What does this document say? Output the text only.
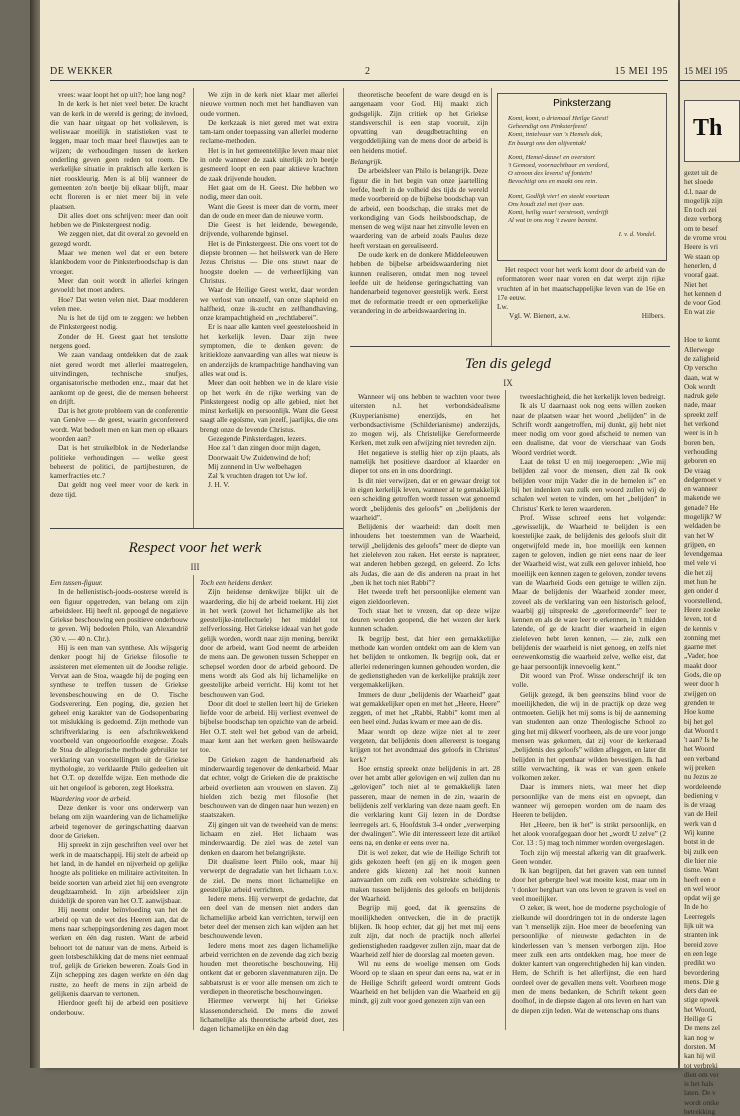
DE WEKKER	2	15 MEI 195

vrees: waar loopt het op uit?; hoe lang nog?

In de kerk is het niet veel beter. De kracht van de kerk in de wereld is gering; de invloed, die van haar uitgaat op het volksleven, is weliswaar moeilijk in statistieken vast te leggen, maar toch maar heel flauwtjes aan te wijzen; de verhoudingen tussen de kerken onderling geven geen reden tot roem. De werkelijke situatie in praktisch alle kerken is niet rooskleurig. Men is al blij wanneer de gemeenten zo'n beetje bij elkaar blijft, maar echt floreren is er niet meer bij in vele plaatsen.

Dit alles doet ons schrijven: meer dan ooit hebben we de Pinkstergeest nodig.

We zeggen niet, dat dit overal zo gevoeld en gezegd wordt.

Maar we menen wel dat er een betere klankbodem voor de Pinksterboodschap is dan vroeger.

Meer dan ooit wordt in allerlei kringen gevoeld: het moet anders.

Hoe? Dat weten velen niet. Daar modderen velen mee.

Nu is het de tijd om te zeggen: we hebben de Pinkstergeest nodig.

Zonder de H. Geest gaat het tenslotte nergens goed.

We zaan vandaag ontdekken dat de zaak niet gered wordt met allerlei maatregelen, uitvindingen, technische snufjes, organisatorische methoden enz., maar dat het aankomt op de geest, die de mensen beheerst en drijft.

Dat is het grote probleem van de conferentie van Genève — de geest, waarin geconfereerd wordt. Wat bedoelt men en kan men op elkaars woorden aan?

Dat is het struikelblok in de Nederlandse politieke verhoudingen — welke geest beheerst de politici, de partijbesturen, de kamerfracties etc.?

Dat geldt nog veel meer voor de kerk in deze tijd.

We zijn in de kerk niet klaar met allerlei nieuwe vormen noch met het handhaven van oude vormen.

De kerkzaak is niet gered met wat extra tam-tam onder toepassing van allerlei moderne reclame-methoden.

Het is in het gemeenteliljke leven maar niet in orde wanneer de zaak uiterlijk zo'n beetje gesmeerd loopt en een paar aktieve krachten de zaak drijvende houden.

Het gaat om de H. Geest. Die hebben we nodig, meer dan ooit.

Want die Geest is meer dan de vorm, meer dan de oude en meer dan de nieuwe vorm.

Die Geest is het leidende, bewegende, drijvende, volharende bginsel.

Het is de Pinkstergeest. Die ons voert tot de diepste bronnen — het heilswerk van de Here Jezus Christus — Die ons stuwt naar de hoogste doelen — de verheerlijking van Christus.

Waar de Heilige Geest werkt, daar worden we verlost van onszelf, van onze slapheid en halfheid, onze ik-zucht en zelfhandhaving, onze krampachtigheid en „rechtlaberei”.

Er is naar alle kanten veel geesteloosheid in het kerkelijk leven. Daar zijn twee symptomen, die te denken geven: de kritiekloze aanvaarding van alles wat nieuw is en anderzijds de krampachtige handhaving van alles wat oud is.

Meer dan ooit hebben we in de klare visie op het werk én de rijke werking van de Pinkstergeest nodig op alle gebied, niet het minst kerkelijk en persoonlijk. Want die Geest saagt alle egoïsme, van jezelf, jaarlijks, die ons brengt onze de levende Christus.

Gezegende Pinksterdagen, lezers.

Hoe zal 't dan zingen door mijn dagen,

Doorwaait Uw Zuidenwind de hof;

Mij zonnend in Uw welbehagen

Zal 'k vruchten dragen tot Uw lof.

J. H. V.

theoretische beoefent de ware deugd en is aangenaam voor God. Hij maakt zich godsgelijk. Zijn critiek op het Griekse standsverschil is een stap vooruit, zijn opvatting van deugdbetrachting en vergoddelijking van de mens door de arbeid is een heidens motief.

Belangrijk.

De arbeidsleer van Philo is belangrijk. Deze figuur die in het begin van onze jaartelling leefde, heeft in de volheid des tijds de wereld mede voorbereid op de bijbelse boodschap van de arbeid, een boodschap, die straks met de verkondiging van Gods heilsboodschap, de mensen de weg wijst naar het zinvolle leven en waardering van de arbeid zoals Paulus deze heeft verstaan en gerealiseerd.

De oude kerk en de donkere Middeleeuwen hebben de bijbelse arbeidswaardering niet kunnen realiseren, omdat men nog teveel leefde uit de heidense geringschatting van handenarbeid tegenover geestelijk werk. Eerst met de reformatie treedt er een opmerkelijke verandering in de arbeidswaardering in.

Pinksterzang
Komt, komt, o driemaal Heilge Geest!
Geheendigt ons Pinksterfeest!
Komt, tintelvuur van 's Hemels dak,
En buurgt ons den olijventak!
Komt, Hemel-dauw! en overstort
't Gemoed, voornachtbaar en verdord,
O stroom des levens! of fontein!
Bevochtigt ons en maakt ons rein.
Komt, Godlijk vier! en steekt voortaan
Ons houdt ziel met ijver aan.
Komt, heilig vuur! verstrooit, verdrijft
Al wat in ons nog 't zware bemint.
I. v. d. Vondel.

Het respect voor het werk komt door de arbeid van de reformatoren weer naar voren en dat werpt zijn rijke vruchten af in het maatschappelijke leven van de 16e en 17e eeuw.

Lw.
Vgl. W. Bienert, a.w.	Hilbers.
Ten dis gelegd
IX

Wanneer wij ons hebben te wachten voor twee uitersten n.l. het verbondsidealisme (Kuyperianisme) enerzijds, en het verbondsactivisme (Schilderianisme) anderzijds, zo mogen wij, als Christelijke Gereformeerde Kerken, met zulk een afwijzing niet tevreden zijn.

Het negatieve is stellig hier op zijn plaats, als namelijk het positieve daardoor al klaarder en dieper tot ons en in ons doordringt.

Is dit niet verwijzen, dat er en gewaar dreigt tot in eigen kerkelijk leven, wanneer al te gemakkelijk een scheiding getroffen wordt tussen wat genoemd wordt „belijdenis des geloofs” en „belijdenis der waarheid”.

Belijdenis der waarheid: dan doelt men inhoudens het toestemmen van de Waarheid, terwijl „belijdenis des geloofs” meer de diepte van het zieleleven zou raken. Het eerste is naprateer, wat anderen hebben gezegd, en geleerd. Zo Ichs als Judas, die aan de dis anderen na praat in het „ben ik het toch niet Rabbi”?

Het tweede treft het persoonlijke element van eigen zieldoorleven.

Toch staat het te vrezen, dat op deze wijze deuren worden geopend, die het wezen der kerk kunnen schaden.

Ik begrijp best, dat hier een gemakkelijke methode kan worden ontdekt om aan de klem van het belijden te ontkomen. Ik begrijp ook, dat er allerlei redeneringen kunnen gehouden worden, die de gedienstigheden van de kerkelijke praktijk zeer vergemakkelijken.

Immers de duur „belijdenis der Waarheid” gaat wat gemakkelijker open en met het „Heere, Heere” zeggen, of met het „Rabbi, Rabbi” komt men al een heel eind. Judas kwam er mee aan de dis.

Maar wordt op deze wijze niet al te zeer vergeten, dat belijdenis doen allereerst is toegang krijgen tot het avondmaal des geloofs in Christus' kerk?

Hoe ernstig spreekt onze belijdenis in art. 28 over het ambt aller gelovigen en wij zullen dan nu „gelovigen” toch niet al te gemakkelijk laten passeren, maar de nemen in de zin, waarin de belijdenis zelf verklaring van deze naam geeft. En die verklaring kunt Gij lezen in de Dordtse leerregels art. 6, Hoofdstuk 3-4 onder „verwerping der dwalingen”. Wie dit interesseert leze dit artikel eens na, en denke er eens over na.

Dit is wel zeker, dat wie de Heilige Schrift tot gids gekozen heeft (en gij en ik mogen geen andere gids kiezen) zal het nooit kunnen aanvaarden om zulk een volstrekte scheiding te maken tussen belijdenis des geloofs en belijdenis der Waarheid.

Begrijp mij goed, dat ik geenszins de moeilijkheden ontvecken, die in de practijk blijken. Ik hoop echter, dat gij het met mij eens zult zijn, dat noch de practijk noch allerlei gedienstigheden raadgever zullen zijn, maar dat de Waarheid zelf hier de doorslag zal moeten geven.

Wil nu eens de woelige mensen om Gods Woord op te slaan en speur dan eens na, wat er in de Heilige Schrift geleerd wordt omtrent Gods Waarheid en het belijden van die Waarheid en gij mindt, gij zult voor goed genezen zijn van een

tweeslachtigheid, die het kerkelijk leven bedreigt.

Ik als U daarnaast ook nog eens willen zoeken naar de plaatsen waar het woord „belijden” in de Schrift wordt aangetroffen, mij dunkt, gij hebt niet meer nodig om voor goed afscheid te nemen van een dualisme, dat voor de vierschaar van Gods Woord verdriet wordt.

Laat de tekst U en mij toegeroepen: „Wie mij belijden zal voor de mensen, dien zal Ik ook belijden voor mijn Vader die in de hemelen is” en bij het indenken van zulk een woord zullen wij de schalen wel weten te vinden, om het „belijden” in Christus' Kerk te leren waarderen.

Prof. Wisse schreef eens het volgende: „gewisselijk, de Waarheid te belijden is een koestelijke zaak, de belijdenis des geloofs sluit dit ongetwijfeld mede in, hoe moeilijk een kennen zagen te geloven, indien ge niet eens naar de leer der Waarheid wist, wat zulk een gelover inhield, hoe moeilijk een kennen zagen te geloven, zonder tevens van de Waarheid Gods een getuige te willen zijn. Maar de belijdenis der Waarheid zonder meer, zoveel als de verklaring van een historisch geloof, waarbij gij uitspreekt de „gereformeerde” leer te kennen en als de ware leer te erkennen, in 't midden latende, of ge de kracht dier waarheid in eigen zieleleven hebt leren kennen, — zie, zulk een belijdenis der waarheid is niet genoeg, en zelfs niet eerewenkomstig die waarheid zelve, welke eist, dat ge haar persoonlijk innevoelig kent.”

Dit woord van Prof. Wisse onderschrijf ik ten volle.

Gelijk gezegd, ik ben geenszins blind voor de moeilijkheden, die wij in de practijk op deze weg ontmoeten. Gelijk het mij soms is bij de aanneming van studenten aan onze Theologische School zo ging het mij dikwerf voorheen, als de ure voor jonge mensen was gekomen, dat zij voor de kerkeraad „belijdenis des geloofs” wilden afleggen, en later dit belijden in het openbaar wilden bevestigen. Ik had stille verwachting, ik was er van geen enkele volkomen zeker.

Daar is immers niets, wat meer het diep persoonlijke van de mens eist en opvoept, dan wanneer wij geroepen worden om de naam des Heeren te belijden.

Het „Heere, ben ik het” is strikt persoonlijk, en het alook voorafgegaan door het „wordt U zelve” (2 Cor. 13 : 5) mag toch nimmer worden overgeslagen.

Toch zijn wij meestal afkerig van dit graafwerk. Geen wonder.

Ik kan begrijpen, dat het graven van een tunnel door het gebergte heel wat moeite kost, maar om in 't donker berghart van ons leven te graven is veel en veel moeilijker.

O zeker, ik weet, hoe de moderne psychologie of zielkunde wil doordringen tot in de onderste lagen van 't menselijk zijn. Hoe meer de beoefening van persoonlijke of nieuwste gedachten in de kinderlessen van 's mensen verborgen zijn. Hoe meer zulk een arts ontdekken mag, hoe meer de dokter kantert van ongerechtigheden hij kan vinden. Hem, de Schrift is het allerfijnst, die een hard oordeel over de gevallen mens velt. Voorheen moge men de mens bedanken, de Schrift tekent geen doolhof, in de diepste dagen al ons leven en hart van de diepen zijn leden. Wat de wetenschap ons thans

Respect voor het werk
III

Een tussen-figuur.

In de hellenistisch-joods-oosterse wereld is een figuur opgetreden, van belang om zijn arbeidsleer. Hij heeft nl. gepoogd de negatieve Griekse beschouwing een positieve onderbouw te geven. Wij bedoelen Philo, van Alexandrië (30 v. — 40 n. Chr.).

Hij is een man van synthese. Als wijsgerig denker poogt hij de Griekse filosofie te assisteren met elementen uit de Joodse religie. Vervat aan de Stoa, waagde hij de poging een synthese te treffen tussen de Griekse levensbeschouwing en de O. Tische Godsverering. Een poging, die, gezien het geheel enig karakter van de Godsopenbaring tot mislukking is gedoemd. Zijn methode van schriftverklaring is een afschrikwekkend voorbeeld van ongeoorloofde exegese. Zoals de Stoa de allegorische methode gebruikte ter verklaring van voorstellingen uit de Griekse mythologie, zo verklaarde Philo gedeelten uit het O.T. op dezelfde wijze. Een methode die uit het ongeloof is geboren, zegt Hoekstra.

Waardering voor de arbeid.

Deze denker is voor ons onderwerp van belang om zijn waardering van de lichamelijke arbeid tegenover de geringschatting daarvan door de Grieken.

Hij spreekt in zijn geschriften veel over het werk in de maatschappij. Hij stelt de arbeid op het land, in de handel en nijverheid op gelijke hoogte als politieke en militaire activiteiten. In beide soorten van arbeid ziet hij een evengrote deugdzaamheid. In zijn arbeidsleer zijn duidelijk de sporen van het O.T. aanwijsbaar.

Hij neemt onder beïnvloeding van het de arbeid op van de wet des Heeren aan, dat de mens naar scheppingsordening zes dagen moet werken en één dag rusten. Want de arbeid behoort tot de natuur van de mens. Arbeid is geen lotsbeschikking dat de mens niet eenmaal trof, gelijk de Grieken beweren. Zoals God in Zijn schepping zes dagen werkte en één dag rustte, zo heeft de mens in zijn arbeid de gelijkenis daarvan te vertonen.

Hierdoor geeft hij de arbeid een positieve onderbouw.

Toch een heidens denker.

Zijn heidense denkwijze blijkt uit de waardering, die hij de arbeid toekent. Hij ziet in het werk (zowel het lichamelijke als het geestelijke-intellectuele) het middel tot zelfverlossing. Het Griekse ideaal van het gode gelijk worden, wordt naar zijn mening, bereikt door de arbeid, want God neemt de arbeiden de mens aan. De gewonen tussen Schepper en schepsel worden door de arbeid geboord. De mens wordt als God als hij lichamelijke en geestelijke arbeid verricht. Hij komt tot het beschouwen van God.

Door dit doel te stellen leert hij de Grieken liefde voor de arbeid. Hij verliest evenwel de bijbelse boodschap ten opzichte van de arbeid. Het O.T. stelt wel het gebod van de arbeid, maar kent aan het werken geen heilswaarde toe.

De Grieken zagen de handenarbeid als minderwaardig tegenover de denkarbeid. Maar dat echter, volgt de Grieken die de praktische arbeid overlieten aan vrouwen en slaven. Zij hielden zich bezig met filosofie (het beschouwen van de dingen naar hun wezen) en staatszaken.

Zij gingen uit van de tweeheid van de mens: lichaam en ziel. Het lichaam was minderwaardig. De ziel was de zetel van denken en daarom het belangrijkste.

Dit dualisme leert Philo ook, maar hij verwerpt de degradatie van het lichaam t.o.v. de ziel. De mens moet lichamelijke en geestelijke arbeid verrichten.

Iedere mens. Hij verwerpt de gedachte, dat een deel van de mensen niet anders dan lichamelijke arbeid kan verrichten, terwijl een beter deel der mensen zich kan wijden aan het beschouwende leven.

Iedere mens moet zes dagen lichamelijke arbeid verrichten en de zevende dag zich bezig houden met theoretische beschouwing. Hij ontkent dat er geboren slavenmaturen zijn. De sabbatsrust is er voor alle mensen om zich te verdiepen in theoretische beschouwingen.

Hiermee verwerpt hij het Griekse klassenonderscheid. De mens die zowel lichamelijke als theoretische arbeid doet, zes dagen lichamelijke en één dag

15 MEI 195
Th
gezet uit de
het sloede
d.l. naar de
mogelijk zijn
En toch zei
deze verborg
om te besef
de vrome vrou
Heere is vri
We staan op
henerlen, d
vooraf gaat.
Niet het
het kennen d
de voor God
En wat zie
Hoe te komt
Allerwege
de zaligheid
Op verscho
daan, wat w
Ook wordt
nadruk gele
nade, maar
spreekt zelf
het verkond
weer is in h
boren ben,
verhouding
geboren en
De vraag
dedgemoet v
en wanneer
makende we
genade? He
mogelijk? W
weldaden be
van het W
grijpen, en
levendgemaa
mel vele vi
die het zij
met hun he
gen onder d
voorstellend,
Heere zoeke
leven, tot d
de kennis v
zonning met
gaarne met
„Vader, hoe
maakt door
Gods, die op
weer door h
zwijgen on
grenden te
Hoe kome
bij het gel
dat Woord t
't aan? Is he
het Woord
een verband
wij preken
nu Jezus ze
wordeleende
bediening v
is de vraag
van de Heil
werk van d
Wij kunne
botst in de
bij zulk een
die hier nie
tisme. Want
heeft een e
en wel woor
opdat wij ge
In de ho
Leerregels
lijk uit wa
stranten ink
bereid zove
en een lege
predikt wo
bevordering
mens. Die g
ders dan ee
stige opwek
het Woord,
Heilige G
De mens zel
kan nog w
dorsten. M
kan hij wil
tot verbreki
dien om ver
is het hals
laten. De v
wordt ontke
betrekking
